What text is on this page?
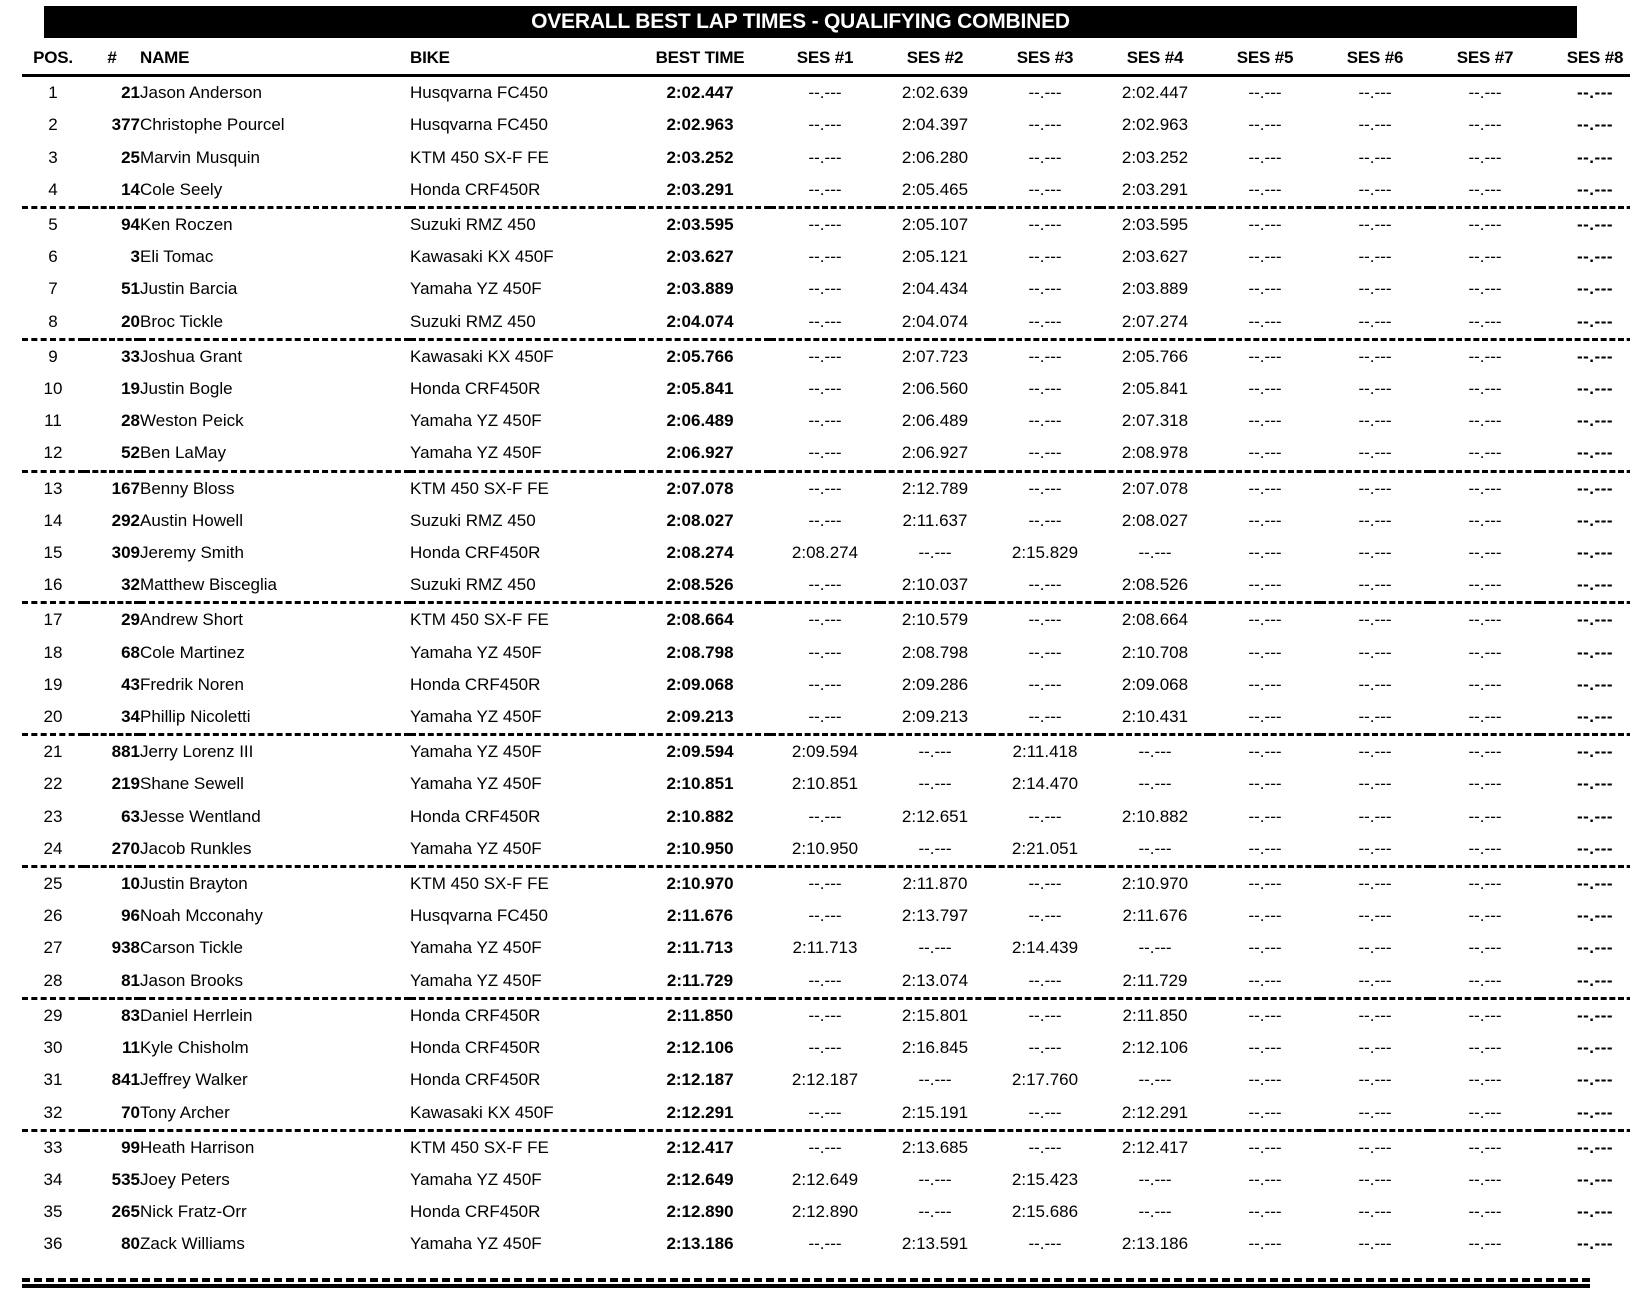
OVERALL BEST LAP TIMES - QUALIFYING COMBINED
POS.	#	NAME	BIKE	BEST TIME	SES #1	SES #2	SES #3	SES #4	SES #5	SES #6	SES #7	SES #8
1	21	Jason Anderson	Husqvarna FC450	2:02.447	--.---	2:02.639	--.---	2:02.447	--.---	--.---	--.---	--.---
2	377	Christophe Pourcel	Husqvarna FC450	2:02.963	--.---	2:04.397	--.---	2:02.963	--.---	--.---	--.---	--.---
3	25	Marvin Musquin	KTM 450 SX-F FE	2:03.252	--.---	2:06.280	--.---	2:03.252	--.---	--.---	--.---	--.---
4	14	Cole Seely	Honda CRF450R	2:03.291	--.---	2:05.465	--.---	2:03.291	--.---	--.---	--.---	--.---
5	94	Ken Roczen	Suzuki RMZ 450	2:03.595	--.---	2:05.107	--.---	2:03.595	--.---	--.---	--.---	--.---
6	3	Eli Tomac	Kawasaki KX 450F	2:03.627	--.---	2:05.121	--.---	2:03.627	--.---	--.---	--.---	--.---
7	51	Justin Barcia	Yamaha YZ 450F	2:03.889	--.---	2:04.434	--.---	2:03.889	--.---	--.---	--.---	--.---
8	20	Broc Tickle	Suzuki RMZ 450	2:04.074	--.---	2:04.074	--.---	2:07.274	--.---	--.---	--.---	--.---
9	33	Joshua Grant	Kawasaki KX 450F	2:05.766	--.---	2:07.723	--.---	2:05.766	--.---	--.---	--.---	--.---
10	19	Justin Bogle	Honda CRF450R	2:05.841	--.---	2:06.560	--.---	2:05.841	--.---	--.---	--.---	--.---
11	28	Weston Peick	Yamaha YZ 450F	2:06.489	--.---	2:06.489	--.---	2:07.318	--.---	--.---	--.---	--.---
12	52	Ben LaMay	Yamaha YZ 450F	2:06.927	--.---	2:06.927	--.---	2:08.978	--.---	--.---	--.---	--.---
13	167	Benny Bloss	KTM 450 SX-F FE	2:07.078	--.---	2:12.789	--.---	2:07.078	--.---	--.---	--.---	--.---
14	292	Austin Howell	Suzuki RMZ 450	2:08.027	--.---	2:11.637	--.---	2:08.027	--.---	--.---	--.---	--.---
15	309	Jeremy Smith	Honda CRF450R	2:08.274	2:08.274	--.---	2:15.829	--.---	--.---	--.---	--.---	--.---
16	32	Matthew Bisceglia	Suzuki RMZ 450	2:08.526	--.---	2:10.037	--.---	2:08.526	--.---	--.---	--.---	--.---
17	29	Andrew Short	KTM 450 SX-F FE	2:08.664	--.---	2:10.579	--.---	2:08.664	--.---	--.---	--.---	--.---
18	68	Cole Martinez	Yamaha YZ 450F	2:08.798	--.---	2:08.798	--.---	2:10.708	--.---	--.---	--.---	--.---
19	43	Fredrik Noren	Honda CRF450R	2:09.068	--.---	2:09.286	--.---	2:09.068	--.---	--.---	--.---	--.---
20	34	Phillip Nicoletti	Yamaha YZ 450F	2:09.213	--.---	2:09.213	--.---	2:10.431	--.---	--.---	--.---	--.---
21	881	Jerry Lorenz III	Yamaha YZ 450F	2:09.594	2:09.594	--.---	2:11.418	--.---	--.---	--.---	--.---	--.---
22	219	Shane Sewell	Yamaha YZ 450F	2:10.851	2:10.851	--.---	2:14.470	--.---	--.---	--.---	--.---	--.---
23	63	Jesse Wentland	Honda CRF450R	2:10.882	--.---	2:12.651	--.---	2:10.882	--.---	--.---	--.---	--.---
24	270	Jacob Runkles	Yamaha YZ 450F	2:10.950	2:10.950	--.---	2:21.051	--.---	--.---	--.---	--.---	--.---
25	10	Justin Brayton	KTM 450 SX-F FE	2:10.970	--.---	2:11.870	--.---	2:10.970	--.---	--.---	--.---	--.---
26	96	Noah Mcconahy	Husqvarna FC450	2:11.676	--.---	2:13.797	--.---	2:11.676	--.---	--.---	--.---	--.---
27	938	Carson Tickle	Yamaha YZ 450F	2:11.713	2:11.713	--.---	2:14.439	--.---	--.---	--.---	--.---	--.---
28	81	Jason Brooks	Yamaha YZ 450F	2:11.729	--.---	2:13.074	--.---	2:11.729	--.---	--.---	--.---	--.---
29	83	Daniel Herrlein	Honda CRF450R	2:11.850	--.---	2:15.801	--.---	2:11.850	--.---	--.---	--.---	--.---
30	11	Kyle Chisholm	Honda CRF450R	2:12.106	--.---	2:16.845	--.---	2:12.106	--.---	--.---	--.---	--.---
31	841	Jeffrey Walker	Honda CRF450R	2:12.187	2:12.187	--.---	2:17.760	--.---	--.---	--.---	--.---	--.---
32	70	Tony Archer	Kawasaki KX 450F	2:12.291	--.---	2:15.191	--.---	2:12.291	--.---	--.---	--.---	--.---
33	99	Heath Harrison	KTM 450 SX-F FE	2:12.417	--.---	2:13.685	--.---	2:12.417	--.---	--.---	--.---	--.---
34	535	Joey Peters	Yamaha YZ 450F	2:12.649	2:12.649	--.---	2:15.423	--.---	--.---	--.---	--.---	--.---
35	265	Nick Fratz-Orr	Honda CRF450R	2:12.890	2:12.890	--.---	2:15.686	--.---	--.---	--.---	--.---	--.---
36	80	Zack Williams	Yamaha YZ 450F	2:13.186	--.---	2:13.591	--.---	2:13.186	--.---	--.---	--.---	--.---
